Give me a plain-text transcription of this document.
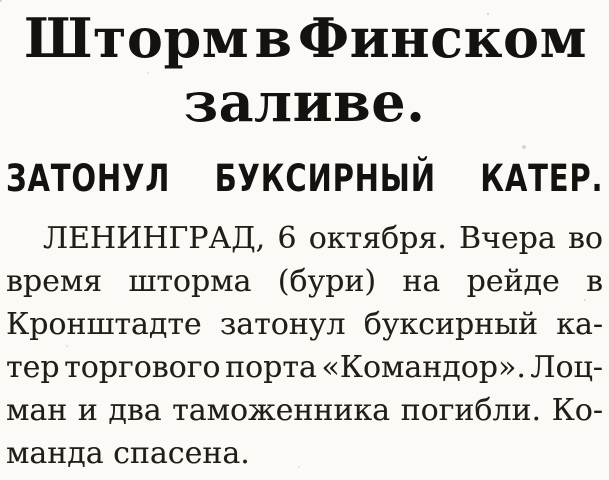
Шторм в Финском
заливе.
ЗАТОНУЛ БУКСИРНЫЙ КАТЕР.
ЛЕНИНГРАД, 6 октября. Вчера во
время шторма (бури) на рейде в
Кронштадте затонул буксирный ка-
тер торгового порта «Командор». Лоц-
ман и два таможенника погибли. Ко-
манда спасена.
